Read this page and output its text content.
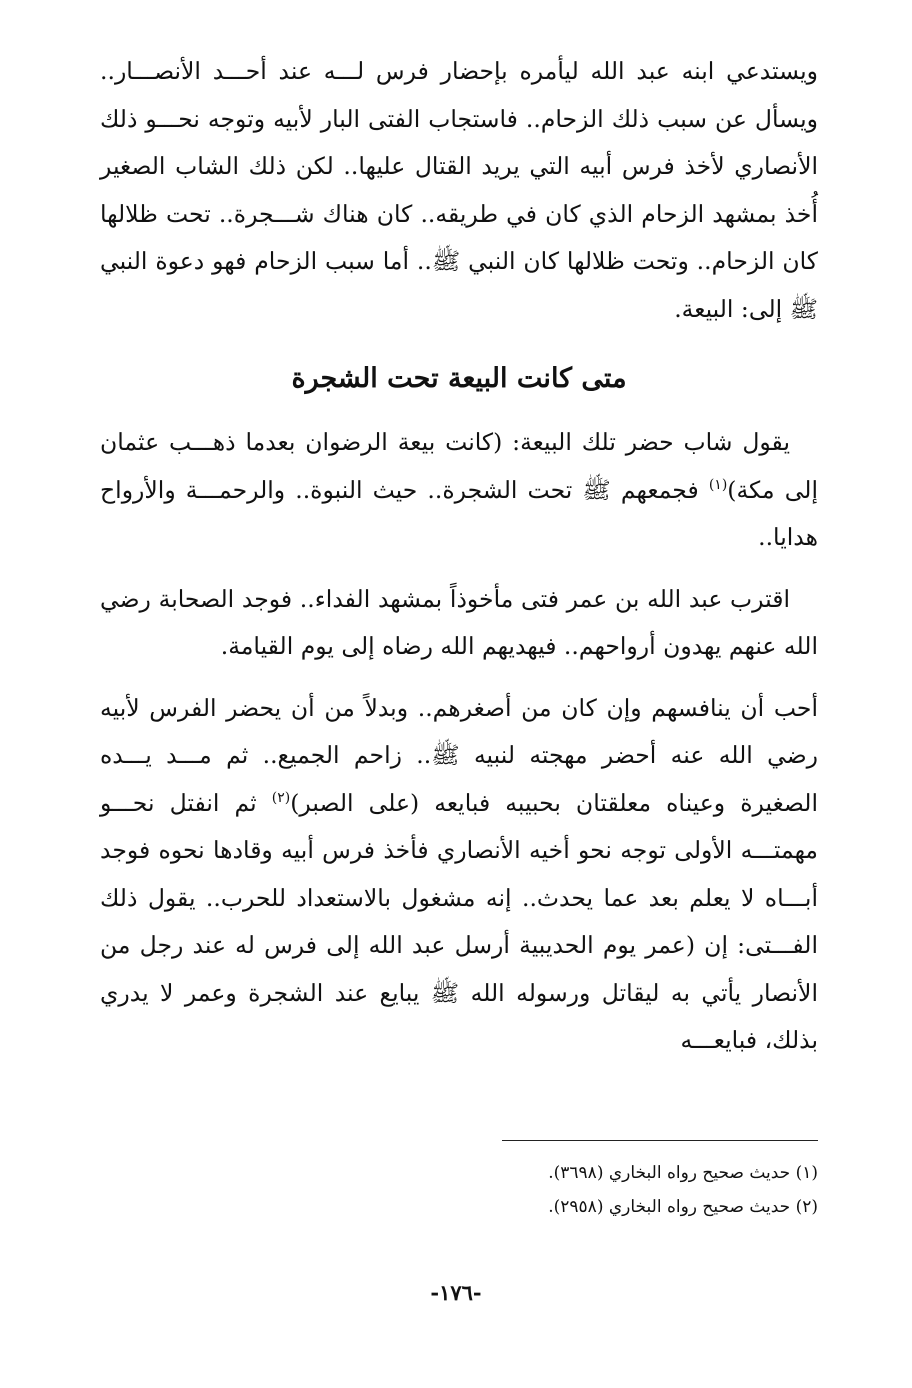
ويستدعي ابنه عبد الله ليأمره بإحضار فرس لـــه عند أحـــد الأنصـــار.. ويسأل عن سبب ذلك الزحام.. فاستجاب الفتى البار لأبيه وتوجه نحـــو ذلك الأنصاري لأخذ فرس أبيه التي يريد القتال عليها.. لكن ذلك الشاب الصغير أُخذ بمشهد الزحام الذي كان في طريقه.. كان هناك شـــجرة.. تحت ظلالها كان الزحام.. وتحت ظلالها كان النبي ﷺ.. أما سبب الزحام فهو دعوة النبي ﷺ إلى: البيعة.

متى كانت البيعة تحت الشجرة

يقول شاب حضر تلك البيعة: (كانت بيعة الرضوان بعدما ذهـــب عثمان إلى مكة)$^{(١)}$ فجمعهم ﷺ تحت الشجرة.. حيث النبوة.. والرحمـــة والأرواح هدايا..

اقترب عبد الله بن عمر فتى مأخوذاً بمشهد الفداء.. فوجد الصحابة رضي الله عنهم يهدون أرواحهم.. فيهديهم الله رضاه إلى يوم القيامة.

أحب أن ينافسهم وإن كان من أصغرهم.. وبدلاً من أن يحضر الفرس لأبيه رضي الله عنه أحضر مهجته لنبيه ﷺ.. زاحم الجميع.. ثم مـــد يـــده الصغيرة وعيناه معلقتان بحبيبه فبايعه (على الصبر)$^{(٢)}$ ثم انفتل نحـــو مهمتـــه الأولى توجه نحو أخيه الأنصاري فأخذ فرس أبيه وقادها نحوه فوجد أبـــاه لا يعلم بعد عما يحدث.. إنه مشغول بالاستعداد للحرب.. يقول ذلك الفـــتى: إن (عمر يوم الحديبية أرسل عبد الله إلى فرس له عند رجل من الأنصار يأتي به ليقاتل ورسوله الله ﷺ يبايع عند الشجرة وعمر لا يدري بذلك، فبايعـــه

(١) حديث صحيح رواه البخاري (٣٦٩٨).

(٢) حديث صحيح رواه البخاري (٢٩٥٨).

-١٧٦-
